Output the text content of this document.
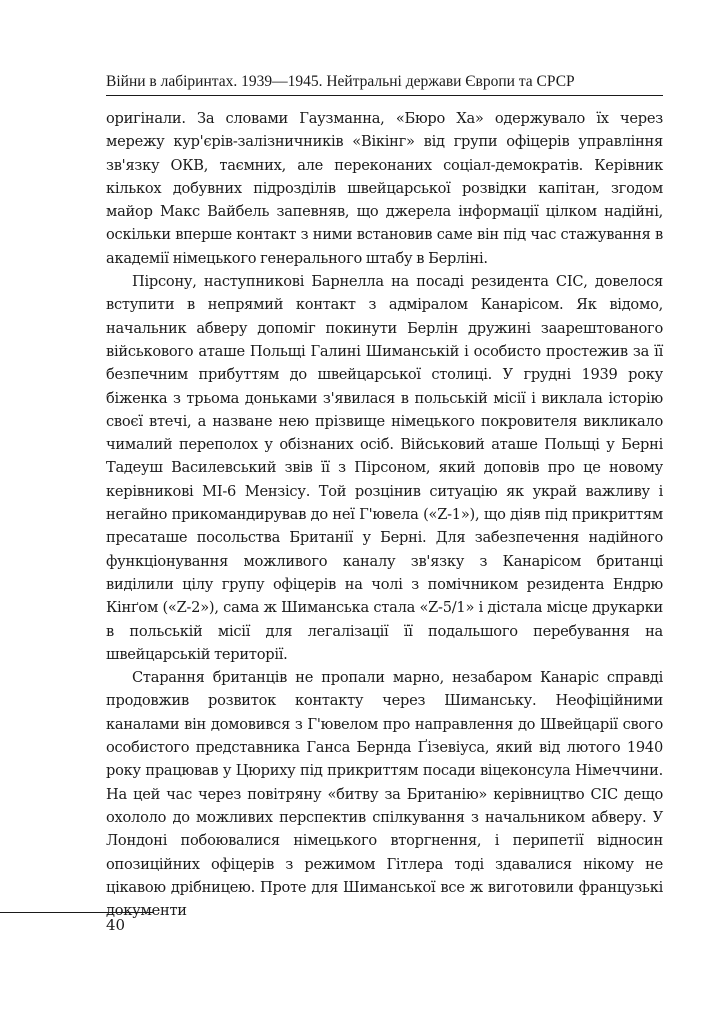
Війни в лабіринтах. 1939—1945. Нейтральні держави Європи та СРСР

оригінали. За словами Гаузманна, «Бюро Ха» одержувало їх через мережу кур'єрів-залізничників «Вікінг» від групи офіцерів управління зв'язку ОКВ, таємних, але переконаних соціал-демократів. Керівник кількох добувних підрозділів швейцарської розвідки капітан, згодом майор Макс Вайбель запевняв, що джерела інформації цілком надійні, оскільки вперше контакт з ними встановив саме він під час стажування в академії німецького генерального штабу в Берліні.

Пірсону, наступникові Барнелла на посаді резидента СІС, довелося вступити в непрямий контакт з адміралом Канарісом. Як відомо, начальник абверу допоміг покинути Берлін дружині заарештованого військового аташе Польщі Галині Шиманській і особисто простежив за її безпечним прибуттям до швейцарської столиці. У грудні 1939 року біженка з трьома доньками з'явилася в польській місії і виклала історію своєї втечі, а назване нею прізвище німецького покровителя викликало чималий переполох у обізнаних осіб. Військовий аташе Польщі у Берні Тадеуш Василевський звів її з Пірсоном, який доповів про це новому керівникові МІ-6 Мензісу. Той розцінив ситуацію як украй важливу і негайно прикомандирував до неї Г'ювела («Z-1»), що діяв під прикриттям пресаташе посольства Британії у Берні. Для забезпечення надійного функціонування можливого каналу зв'язку з Канарісом британці виділили цілу групу офіцерів на чолі з помічником резидента Ендрю Кінґом («Z-2»), сама ж Шиманська стала «Z-5/1» і дістала місце друкарки в польській місії для легалізації її подальшого перебування на швейцарській території.

Старання британців не пропали марно, незабаром Канаріс справді продовжив розвиток контакту через Шиманську. Неофіційними каналами він домовився з Г'ювелом про направлення до Швейцарії свого особистого представника Ганса Бернда Ґізевіуса, який від лютого 1940 року працював у Цюриху під прикриттям посади віцеконсула Німеччини. На цей час через повітряну «битву за Британію» керівництво СІС дещо охололо до можливих перспектив спілкування з начальником абверу. У Лондоні побоювалися німецького вторгнення, і перипетії відносин опозиційних офіцерів з режимом Гітлера тоді здавалися нікому не цікавою дрібницею. Проте для Шиманської все ж виготовили французькі документи

40
